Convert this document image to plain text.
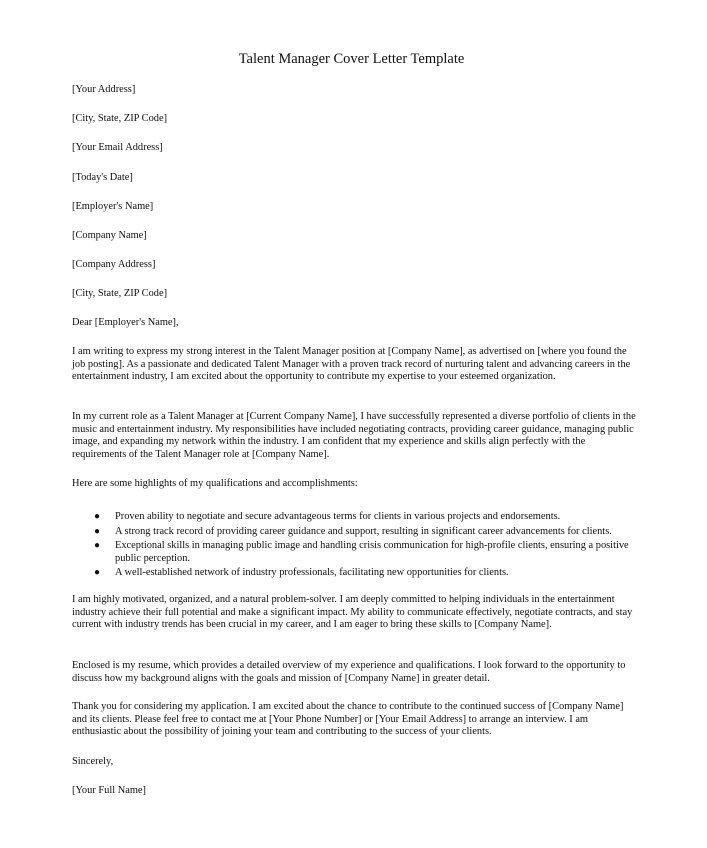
Talent Manager Cover Letter Template

[Your Address]

[City, State, ZIP Code]

[Your Email Address]

[Today's Date]

[Employer's Name]

[Company Name]

[Company Address]

[City, State, ZIP Code]

Dear [Employer's Name],

I am writing to express my strong interest in the Talent Manager position at [Company Name], as advertised on [where you found the job posting]. As a passionate and dedicated Talent Manager with a proven track record of nurturing talent and advancing careers in the entertainment industry, I am excited about the opportunity to contribute my expertise to your esteemed organization.

In my current role as a Talent Manager at [Current Company Name], I have successfully represented a diverse portfolio of clients in the music and entertainment industry. My responsibilities have included negotiating contracts, providing career guidance, managing public image, and expanding my network within the industry. I am confident that my experience and skills align perfectly with the requirements of the Talent Manager role at [Company Name].

Here are some highlights of my qualifications and accomplishments:

● Proven ability to negotiate and secure advantageous terms for clients in various projects and endorsements.
● A strong track record of providing career guidance and support, resulting in significant career advancements for clients.
● Exceptional skills in managing public image and handling crisis communication for high-profile clients, ensuring a positive public perception.
● A well-established network of industry professionals, facilitating new opportunities for clients.

I am highly motivated, organized, and a natural problem-solver. I am deeply committed to helping individuals in the entertainment industry achieve their full potential and make a significant impact. My ability to communicate effectively, negotiate contracts, and stay current with industry trends has been crucial in my career, and I am eager to bring these skills to [Company Name].

Enclosed is my resume, which provides a detailed overview of my experience and qualifications. I look forward to the opportunity to discuss how my background aligns with the goals and mission of [Company Name] in greater detail.

Thank you for considering my application. I am excited about the chance to contribute to the continued success of [Company Name] and its clients. Please feel free to contact me at [Your Phone Number] or [Your Email Address] to arrange an interview. I am enthusiastic about the possibility of joining your team and contributing to the success of your clients.

Sincerely,

[Your Full Name]
